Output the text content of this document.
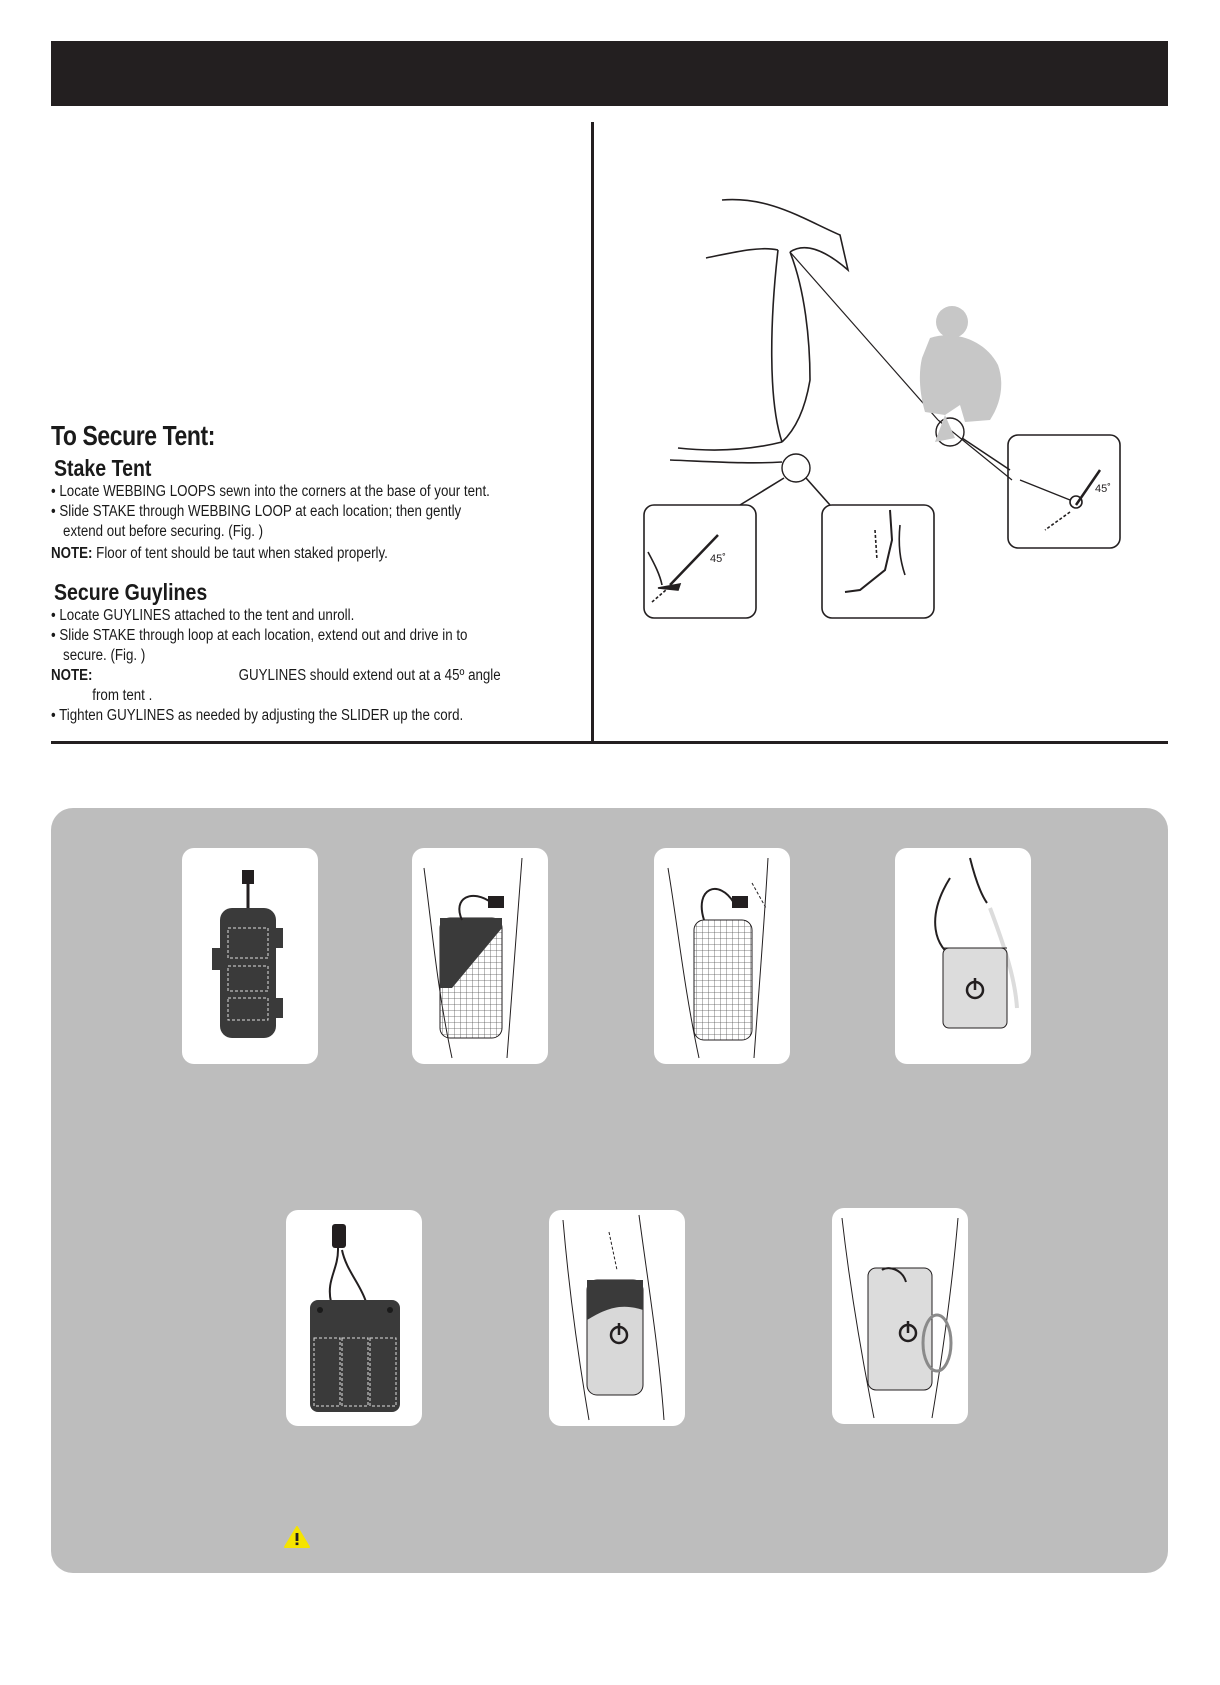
To Secure Tent:
Stake Tent
• Locate WEBBING LOOPS sewn into the corners at the base of your tent.
• Slide STAKE through WEBBING LOOP at each location; then gently
extend out before securing. (Fig. )
NOTE: Floor of tent should be taut when staked properly.
Secure Guylines
• Locate GUYLINES attached to the tent and unroll.
• Slide STAKE through loop at each location, extend out and drive in to
secure. (Fig. )
NOTE:	GUYLINES should extend out at a 45º angle
from tent .
• Tighten GUYLINES as needed by adjusting the SLIDER up the cord.
45˚
45˚
